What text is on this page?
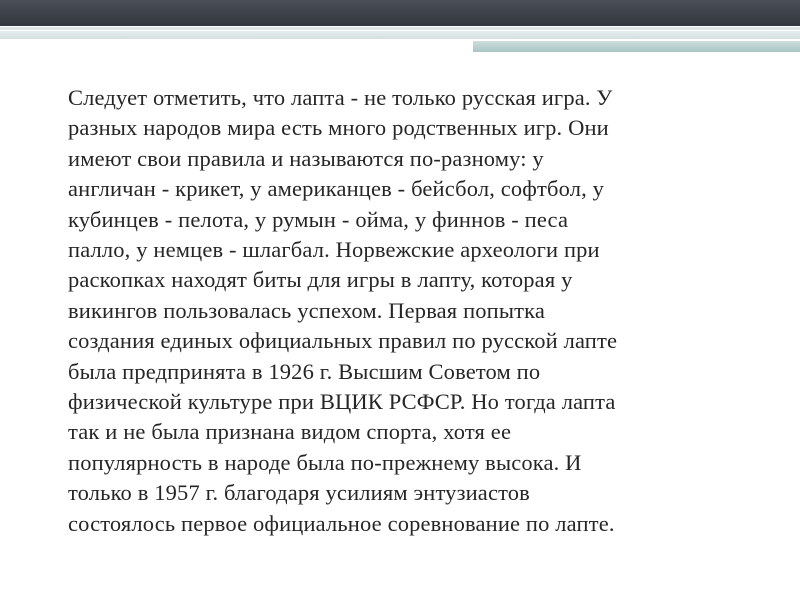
Следует отметить, что лапта - не только русская игра. У
разных народов мира есть много родственных игр. Они
имеют свои правила и называются по-разному: у
англичан - крикет, у американцев - бейсбол, софтбол, у
кубинцев - пелота, у румын - ойма, у финнов - песа
палло, у немцев - шлагбал. Норвежские археологи при
раскопках находят биты для игры в лапту, которая у
викингов пользовалась успехом. Первая попытка
создания единых официальных правил по русской лапте
была предпринята в 1926 г. Высшим Советом по
физической культуре при ВЦИК РСФСР. Но тогда лапта
так и не была признана видом спорта, хотя ее
популярность в народе была по-прежнему высока. И
только в 1957 г. благодаря усилиям энтузиастов
состоялось первое официальное соревнование по лапте.
